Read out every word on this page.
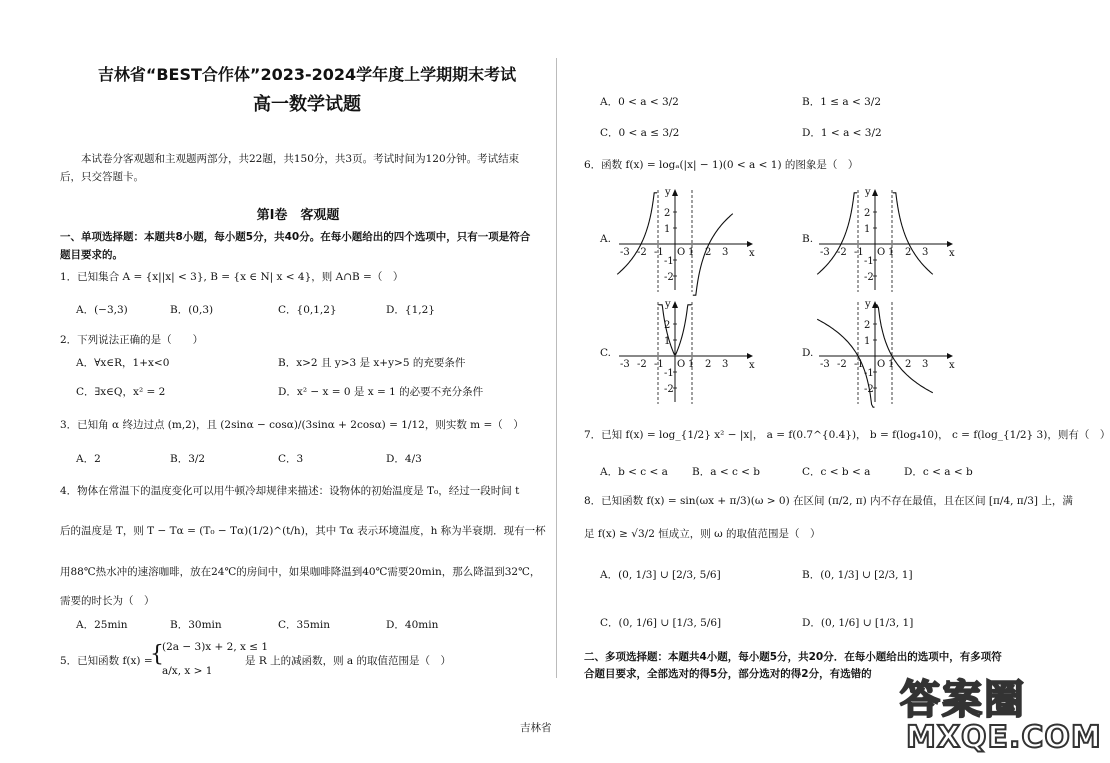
吉林省“BEST合作体”2023-2024学年度上学期期末考试
高一数学试题
本试卷分客观题和主观题两部分，共22题，共150分，共3页。考试时间为120分钟。考试结束后，只交答题卡。
第Ⅰ卷　客观题
一、单项选择题：本题共8小题，每小题5分，共40分。在每小题给出的四个选项中，只有一项是符合题目要求的。
1．已知集合 A = {x||x| < 3}, B = {x ∈ N| x < 4}，则 A∩B =（　）
A．(−3,3)	B．(0,3)	C．{0,1,2}	D．{1,2}
2．下列说法正确的是（　　）
A．∀x∈R，1+x<0	B．x>2 且 y>3 是 x+y>5 的充要条件
C．∃x∈Q，x² = 2	D．x² − x = 0 是 x = 1 的必要不充分条件
3．已知角 α 终边过点 (m,2)，且 (2sinα − cosα)/(3sinα + 2cosα) = 1/12，则实数 m =（　）
A．2	B．3/2	C．3	D．4/3
4．物体在常温下的温度变化可以用牛顿冷却规律来描述：设物体的初始温度是 T₀，经过一段时间 t
后的温度是 T，则 T − Tα = (T₀ − Tα)(1/2)^(t/h)，其中 Tα 表示环境温度，h 称为半衰期．现有一杯
用88℃热水冲的速溶咖啡，放在24℃的房间中，如果咖啡降温到40℃需要20min，那么降温到32℃，
需要的时长为（　）
A．25min	B．30min	C．35min	D．40min
5．已知函数 f(x) =
{
(2a − 3)x + 2, x ≤ 1
a/x, x > 1
是 R 上的减函数，则 a 的取值范围是（　）
A．0 < a < 3/2	B．1 ≤ a < 3/2
C．0 < a ≤ 3/2	D．1 < a < 3/2
6．函数 f(x) = logₐ(|x| − 1)(0 < a < 1) 的图象是（　）
A.	B.
C.	D.
x
y
-3 -2 -1 O 1 2 3
2
1
-1
-2
x
y
-3 -2 -1 O 1 2 3
2
1
-1
-2
x
y
-3 -2 -1 O 1 2 3
2
1
-1
-2
x
y
-3 -2 -1 O 1 2 3
2
1
-1
-2
7．已知 f(x) = log_{1/2} x² − |x|， a = f(0.7^{0.4})， b = f(log₄10)， c = f(log_{1/2} 3)，则有（　）
A．b < c < a B．a < c < b	C．c < b < a	D．c < a < b
8．已知函数 f(x) = sin(ωx + π/3)(ω > 0) 在区间 (π/2, π) 内不存在最值，且在区间 [π/4, π/3] 上，满
足 f(x) ≥ √3/2 恒成立，则 ω 的取值范围是（　）
A．(0, 1/3] ∪ [2/3, 5/6]	B．(0, 1/3] ∪ [2/3, 1]
C．(0, 1/6] ∪ [1/3, 5/6]	D．(0, 1/6] ∪ [1/3, 1]
二、多项选择题：本题共4小题，每小题5分，共20分．在每小题给出的选项中，有多项符
合题目要求，全部选对的得5分，部分选对的得2分，有选错的
吉林省
答案圈
MXQE.COM
